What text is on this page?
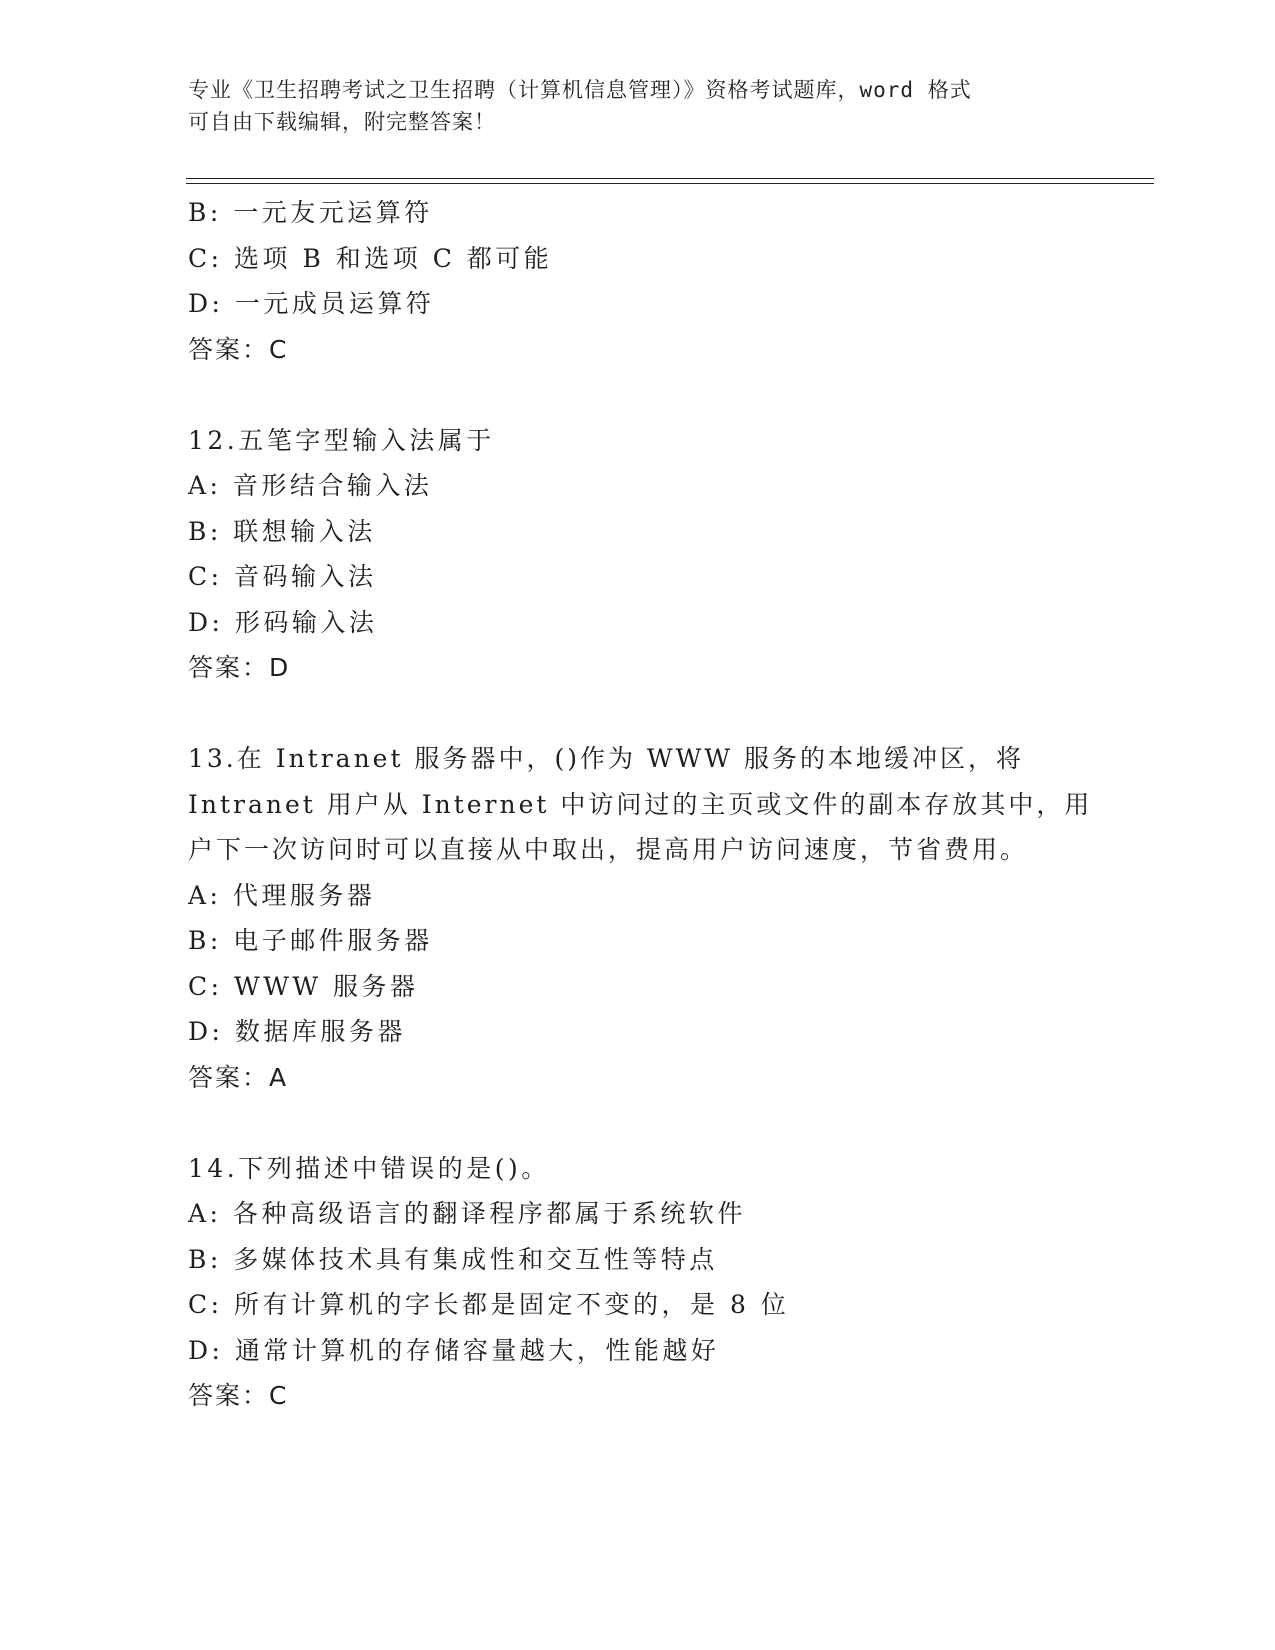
专业《卫生招聘考试之卫生招聘（计算机信息管理）》资格考试题库，word 格式
可自由下载编辑，附完整答案！
B: 一元友元运算符
C: 选项 B 和选项 C 都可能
D: 一元成员运算符
答案：C
12.五笔字型输入法属于
A: 音形结合输入法
B: 联想输入法
C: 音码输入法
D: 形码输入法
答案：D
13.在 Intranet 服务器中，()作为 WWW 服务的本地缓冲区，将
Intranet 用户从 Internet 中访问过的主页或文件的副本存放其中，用
户下一次访问时可以直接从中取出，提高用户访问速度，节省费用。
A: 代理服务器
B: 电子邮件服务器
C: WWW 服务器
D: 数据库服务器
答案：A
14.下列描述中错误的是()。
A: 各种高级语言的翻译程序都属于系统软件
B: 多媒体技术具有集成性和交互性等特点
C: 所有计算机的字长都是固定不变的，是 8 位
D: 通常计算机的存储容量越大，性能越好
答案：C
